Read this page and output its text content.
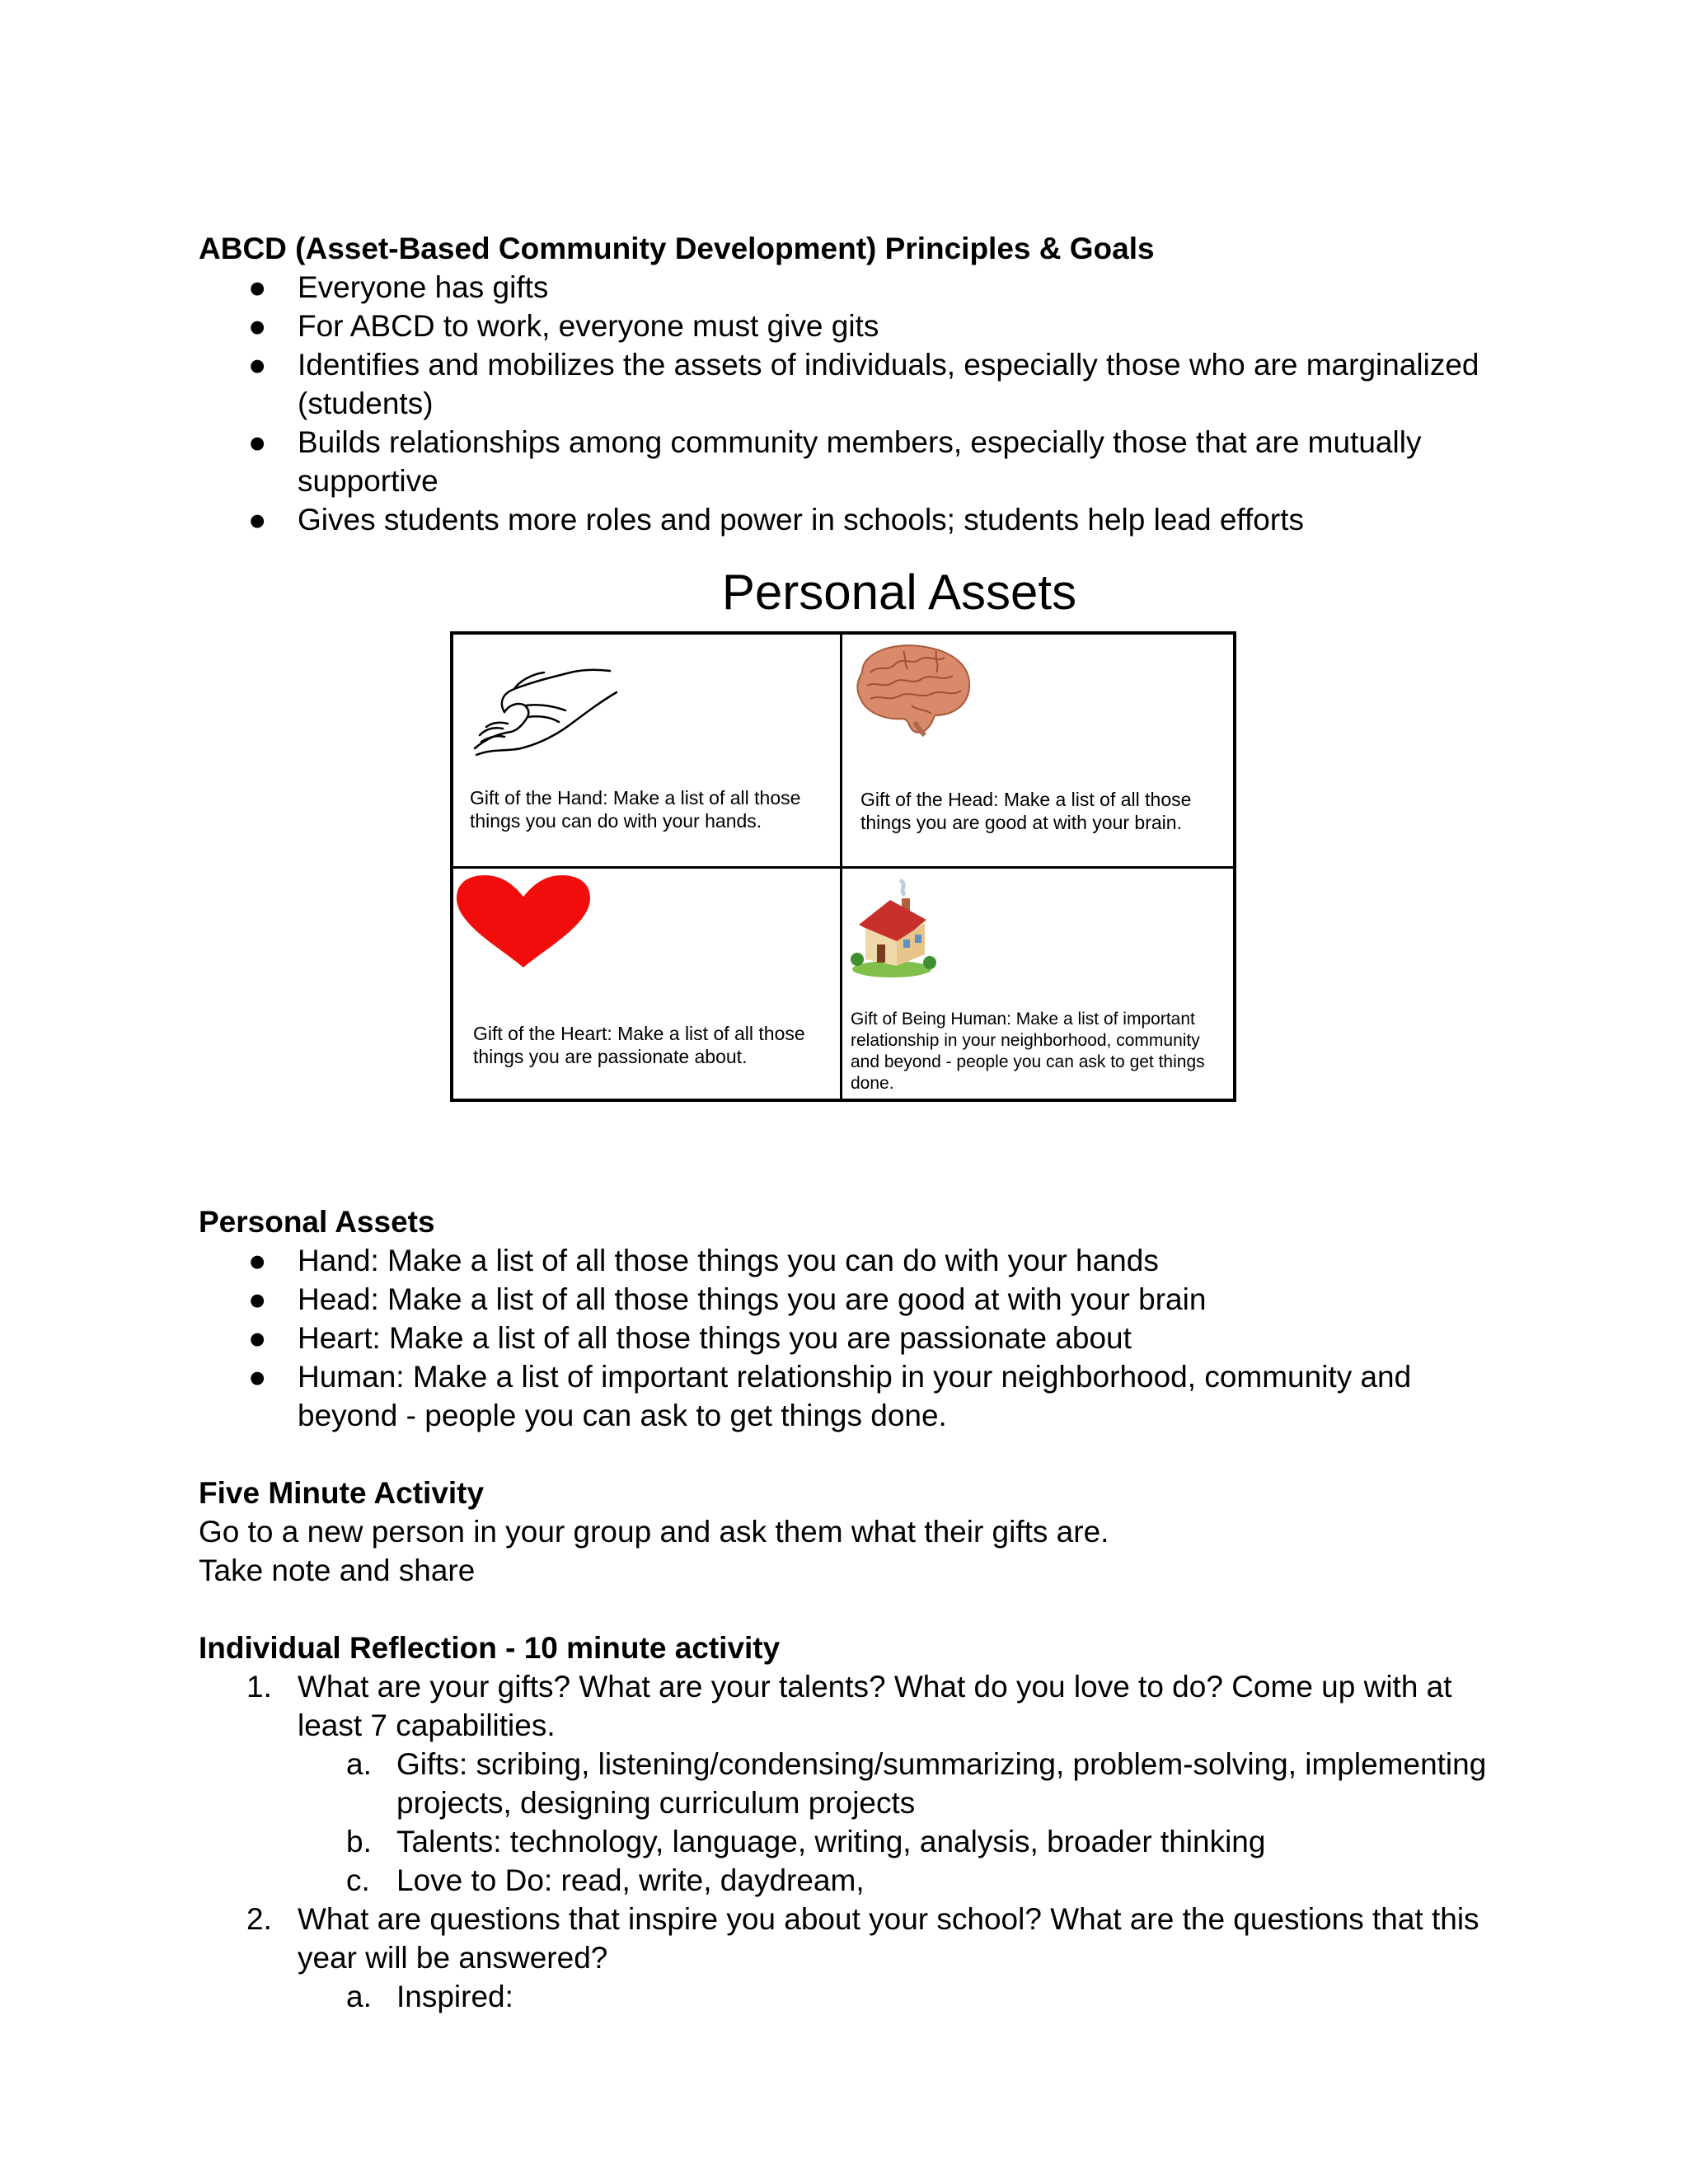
ABCD (Asset-Based Community Development) Principles & Goals

● Everyone has gifts
● For ABCD to work, everyone must give gits
● Identifies and mobilizes the assets of individuals, especially those who are marginalized (students)
● Builds relationships among community members, especially those that are mutually supportive
● Gives students more roles and power in schools; students help lead efforts
Personal Assets
Gift of the Hand: Make a list of all those things you can do with your hands.
Gift of the Head: Make a list of all those things you are good at with your brain.
Gift of the Heart: Make a list of all those things you are passionate about.
Gift of Being Human: Make a list of important relationship in your neighborhood, community and beyond - people you can ask to get things done.

Personal Assets

● Hand: Make a list of all those things you can do with your hands
● Head: Make a list of all those things you are good at with your brain
● Heart: Make a list of all those things you are passionate about
● Human: Make a list of important relationship in your neighborhood, community and beyond - people you can ask to get things done.

Five Minute Activity

Go to a new person in your group and ask them what their gifts are.

Take note and share

Individual Reflection - 10 minute activity

1. What are your gifts? What are your talents? What do you love to do? Come up with at least 7 capabilities.
a. Gifts: scribing, listening/condensing/summarizing, problem-solving, implementing projects, designing curriculum projects
b. Talents: technology, language, writing, analysis, broader thinking
c. Love to Do: read, write, daydream,
2. What are questions that inspire you about your school? What are the questions that this year will be answered?
a. Inspired:
